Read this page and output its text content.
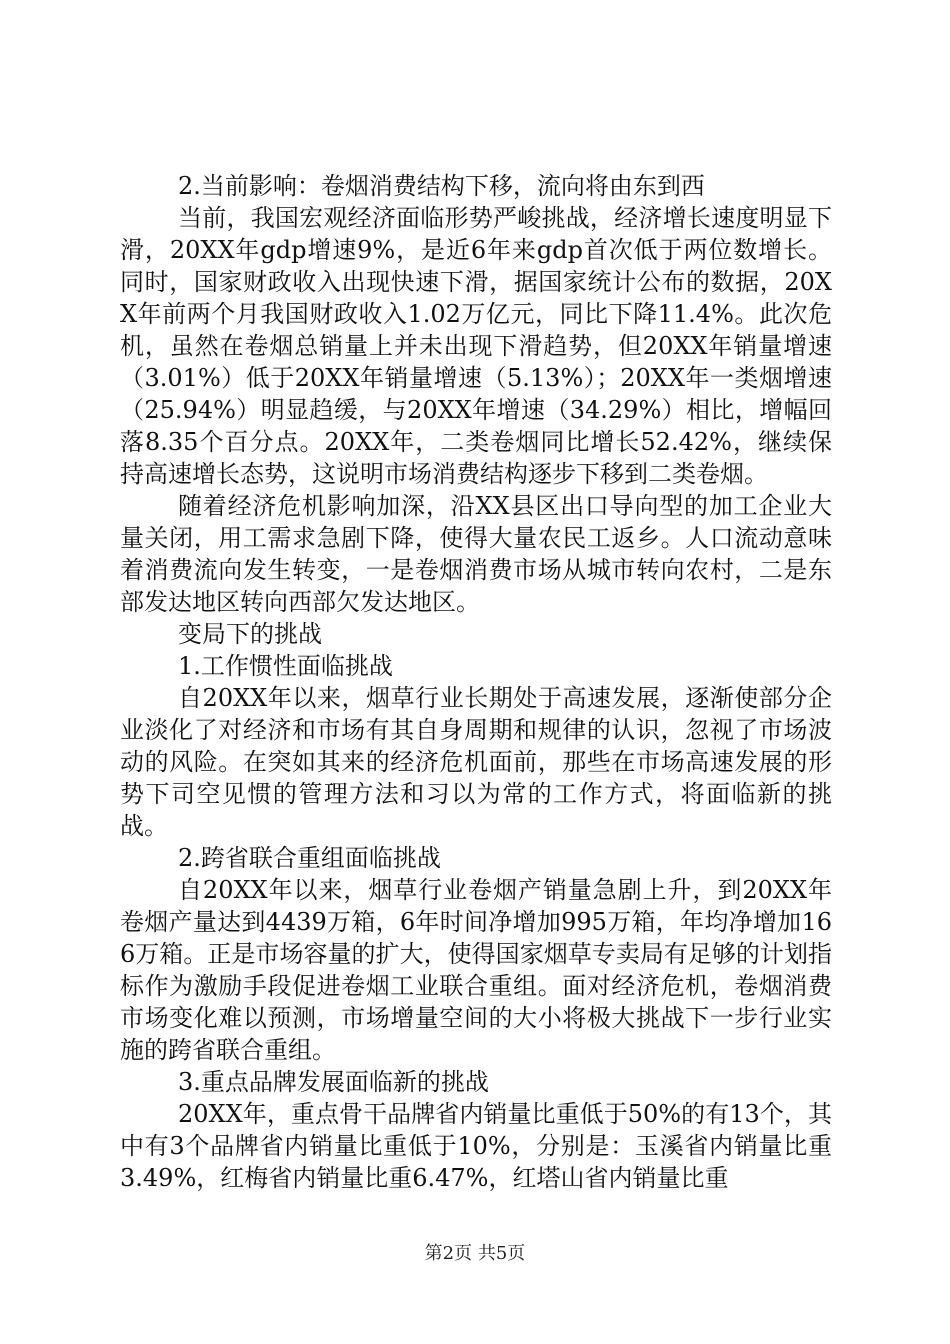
2.当前影响：卷烟消费结构下移，流向将由东到西

当前，我国宏观经济面临形势严峻挑战，经济增长速度明显下滑，20XX年gdp增速9%，是近6年来gdp首次低于两位数增长。同时，国家财政收入出现快速下滑，据国家统计公布的数据，20XX年前两个月我国财政收入1.02万亿元，同比下降11.4%。此次危机，虽然在卷烟总销量上并未出现下滑趋势，但20XX年销量增速（3.01%）低于20XX年销量增速（5.13%）；20XX年一类烟增速（25.94%）明显趋缓，与20XX年增速（34.29%）相比，增幅回落8.35个百分点。20XX年，二类卷烟同比增长52.42%，继续保持高速增长态势，这说明市场消费结构逐步下移到二类卷烟。

随着经济危机影响加深，沿XX县区出口导向型的加工企业大量关闭，用工需求急剧下降，使得大量农民工返乡。人口流动意味着消费流向发生转变，一是卷烟消费市场从城市转向农村，二是东部发达地区转向西部欠发达地区。

变局下的挑战

1.工作惯性面临挑战

自20XX年以来，烟草行业长期处于高速发展，逐渐使部分企业淡化了对经济和市场有其自身周期和规律的认识，忽视了市场波动的风险。在突如其来的经济危机面前，那些在市场高速发展的形势下司空见惯的管理方法和习以为常的工作方式，将面临新的挑战。

2.跨省联合重组面临挑战

自20XX年以来，烟草行业卷烟产销量急剧上升，到20XX年卷烟产量达到4439万箱，6年时间净增加995万箱，年均净增加166万箱。正是市场容量的扩大，使得国家烟草专卖局有足够的计划指标作为激励手段促进卷烟工业联合重组。面对经济危机，卷烟消费市场变化难以预测，市场增量空间的大小将极大挑战下一步行业实施的跨省联合重组。

3.重点品牌发展面临新的挑战

20XX年，重点骨干品牌省内销量比重低于50%的有13个，其中有3个品牌省内销量比重低于10%，分别是：玉溪省内销量比重3.49%，红梅省内销量比重6.47%，红塔山省内销量比重

第2页 共5页
